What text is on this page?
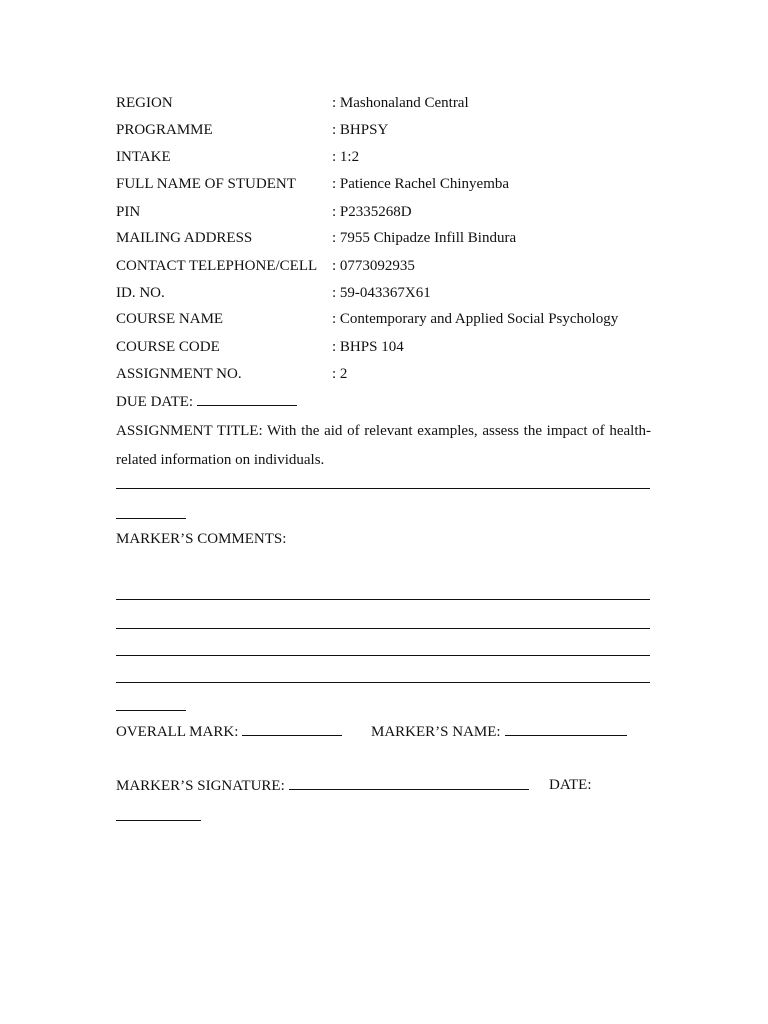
REGION	: Mashonaland Central
PROGRAMME	: BHPSY
INTAKE	: 1:2
FULL NAME OF STUDENT : Patience Rachel Chinyemba
PIN	: P2335268D
MAILING ADDRESS	: 7955 Chipadze Infill Bindura
CONTACT TELEPHONE/CELL : 0773092935
ID. NO.	: 59-043367X61
COURSE NAME	: Contemporary and Applied Social Psychology
COURSE CODE	: BHPS 104
ASSIGNMENT NO.	: 2
DUE DATE:
ASSIGNMENT TITLE: With the aid of relevant examples, assess the impact of health-related information on individuals.
MARKER’S COMMENTS:
OVERALL MARK:	MARKER’S NAME:
MARKER’S SIGNATURE:	DATE:
